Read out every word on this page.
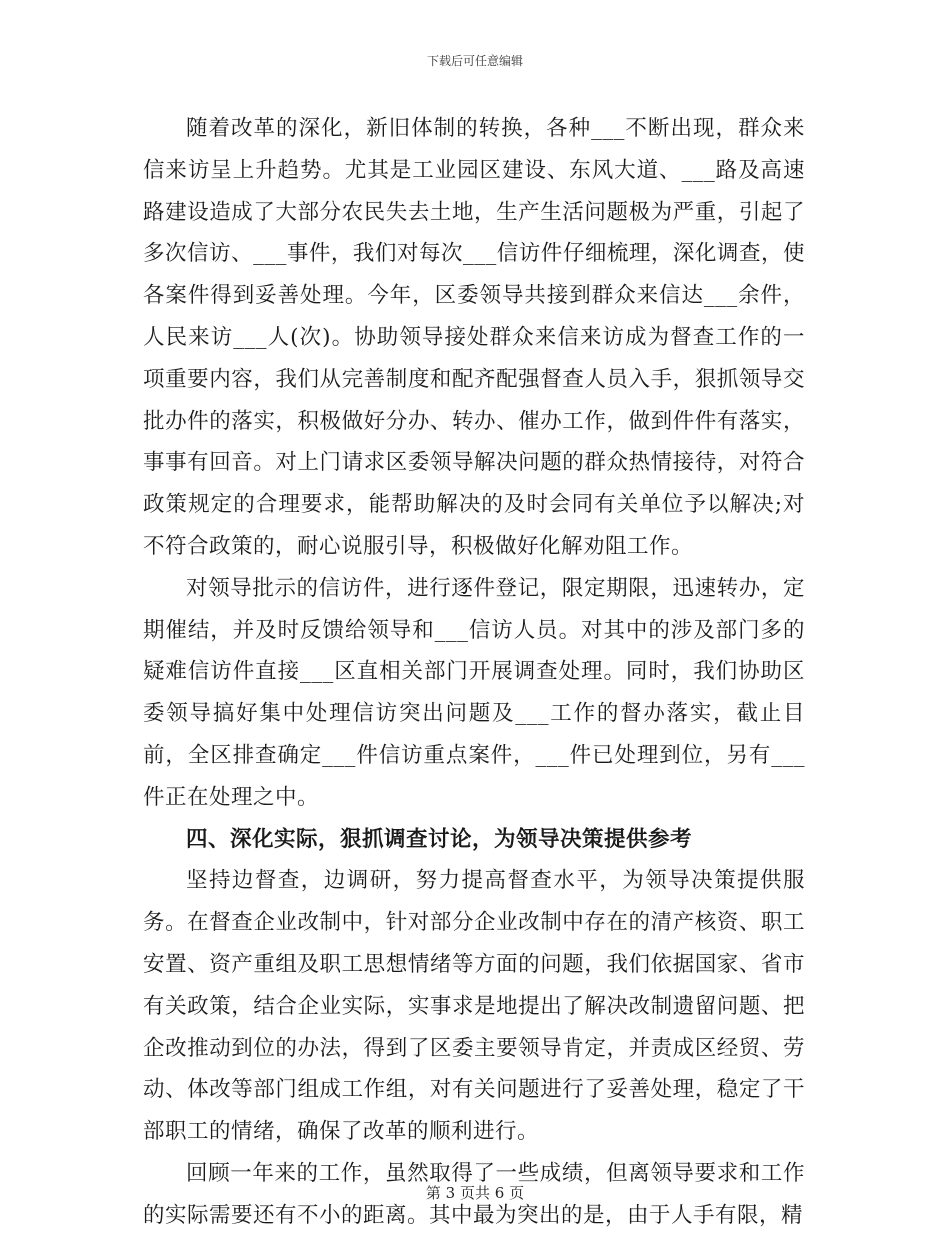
下载后可任意编辑

随着改革的深化，新旧体制的转换，各种___不断出现，群众来信来访呈上升趋势。尤其是工业园区建设、东风大道、___路及高速路建设造成了大部分农民失去土地，生产生活问题极为严重，引起了多次信访、___事件，我们对每次___信访件仔细梳理，深化调查，使各案件得到妥善处理。今年，区委领导共接到群众来信达___余件，人民来访___人(次)。协助领导接处群众来信来访成为督查工作的一项重要内容，我们从完善制度和配齐配强督查人员入手，狠抓领导交批办件的落实，积极做好分办、转办、催办工作，做到件件有落实，事事有回音。对上门请求区委领导解决问题的群众热情接待，对符合政策规定的合理要求，能帮助解决的及时会同有关单位予以解决;对不符合政策的，耐心说服引导，积极做好化解劝阻工作。

对领导批示的信访件，进行逐件登记，限定期限，迅速转办，定期催结，并及时反馈给领导和___信访人员。对其中的涉及部门多的疑难信访件直接___区直相关部门开展调查处理。同时，我们协助区委领导搞好集中处理信访突出问题及___工作的督办落实，截止目前，全区排查确定___件信访重点案件，___件已处理到位，另有___件正在处理之中。

四、深化实际，狠抓调查讨论，为领导决策提供参考

坚持边督查，边调研，努力提高督查水平，为领导决策提供服务。在督查企业改制中，针对部分企业改制中存在的清产核资、职工安置、资产重组及职工思想情绪等方面的问题，我们依据国家、省市有关政策，结合企业实际，实事求是地提出了解决改制遗留问题、把企改推动到位的办法，得到了区委主要领导肯定，并责成区经贸、劳动、体改等部门组成工作组，对有关问题进行了妥善处理，稳定了干部职工的情绪，确保了改革的顺利进行。

回顾一年来的工作，虽然取得了一些成绩，但离领导要求和工作的实际需要还有不小的距离。其中最为突出的是，由于人手有限，精

第 3 页共 6 页
